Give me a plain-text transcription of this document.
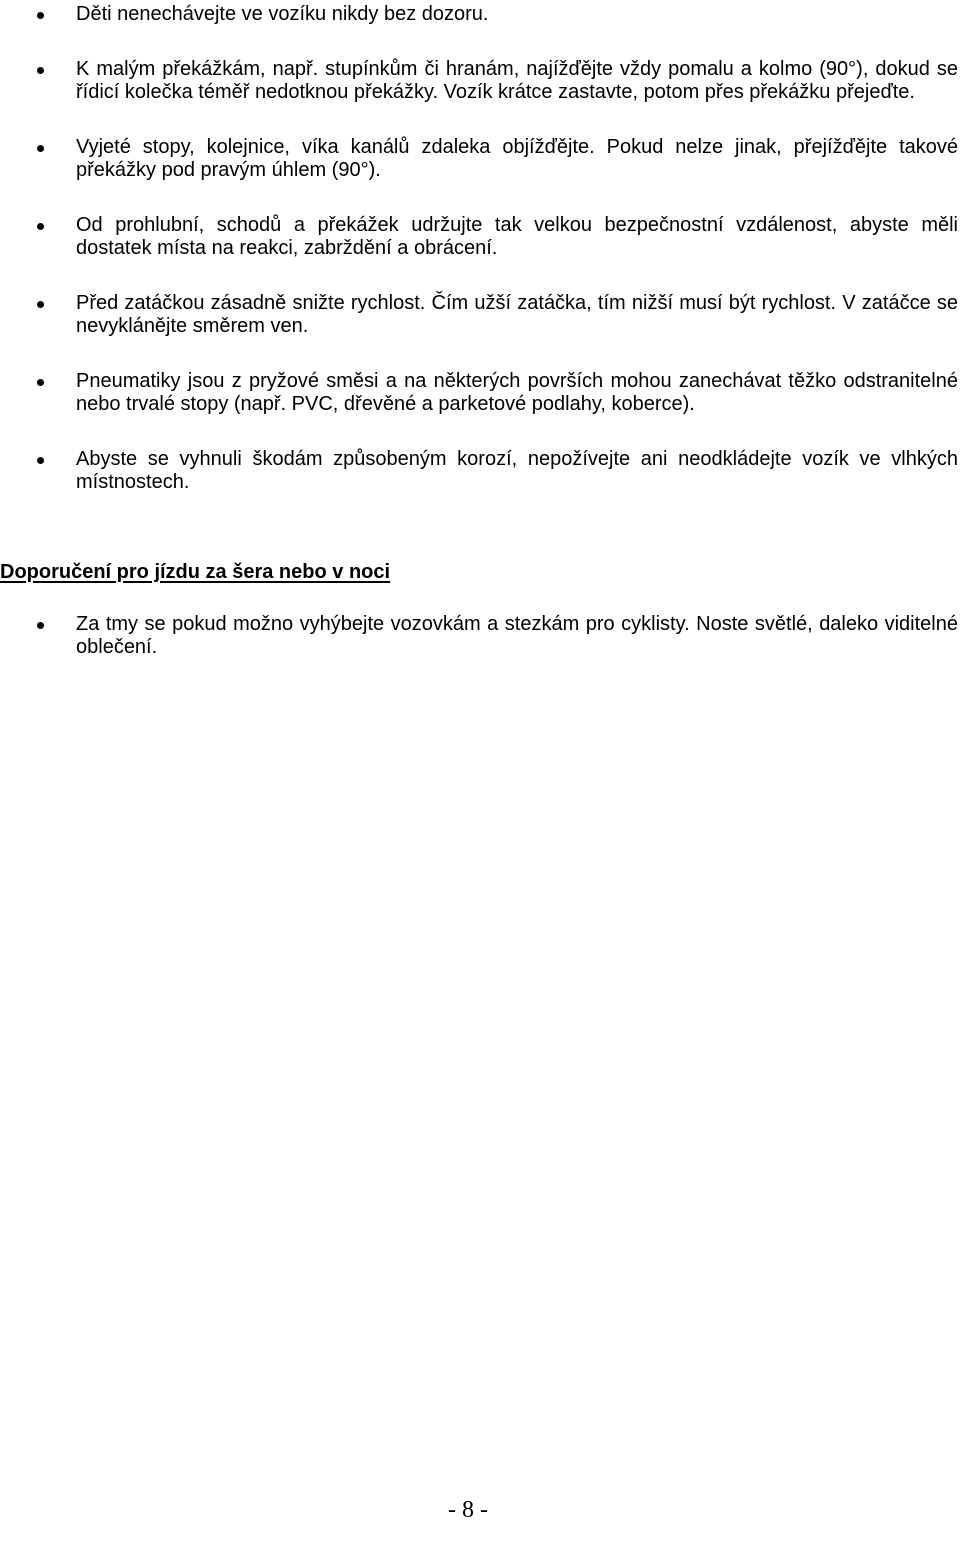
Děti nenechávejte ve vozíku nikdy bez dozoru.
K malým překážkám, např. stupínkům či hranám, najížďějte vždy pomalu a kolmo (90°), dokud se řídicí kolečka téměř nedotknou překážky. Vozík krátce zastavte, potom přes překážku přejeďte.
Vyjeté stopy, kolejnice, víka kanálů zdaleka objížďějte. Pokud nelze jinak, přejížďějte takové překážky pod pravým úhlem (90°).
Od prohlubní, schodů a překážek udržujte tak velkou bezpečnostní vzdálenost, abyste měli dostatek místa na reakci, zabrždění a obrácení.
Před zatáčkou zásadně snižte rychlost. Čím užší zatáčka, tím nižší musí být rychlost. V zatáčce se nevyklánějte směrem ven.
Pneumatiky jsou z pryžové směsi a na některých površích mohou zanechávat těžko odstranitelné nebo trvalé stopy (např. PVC, dřevěné a parketové podlahy, koberce).
Abyste se vyhnuli škodám způsobeným korozí, nepožívejte ani neodkládejte vozík ve vlhkých místnostech.
Doporučení pro jízdu za šera nebo v noci
Za tmy se pokud možno vyhýbejte vozovkám a stezkám pro cyklisty. Noste světlé, daleko viditelné oblečení.
- 8 -
